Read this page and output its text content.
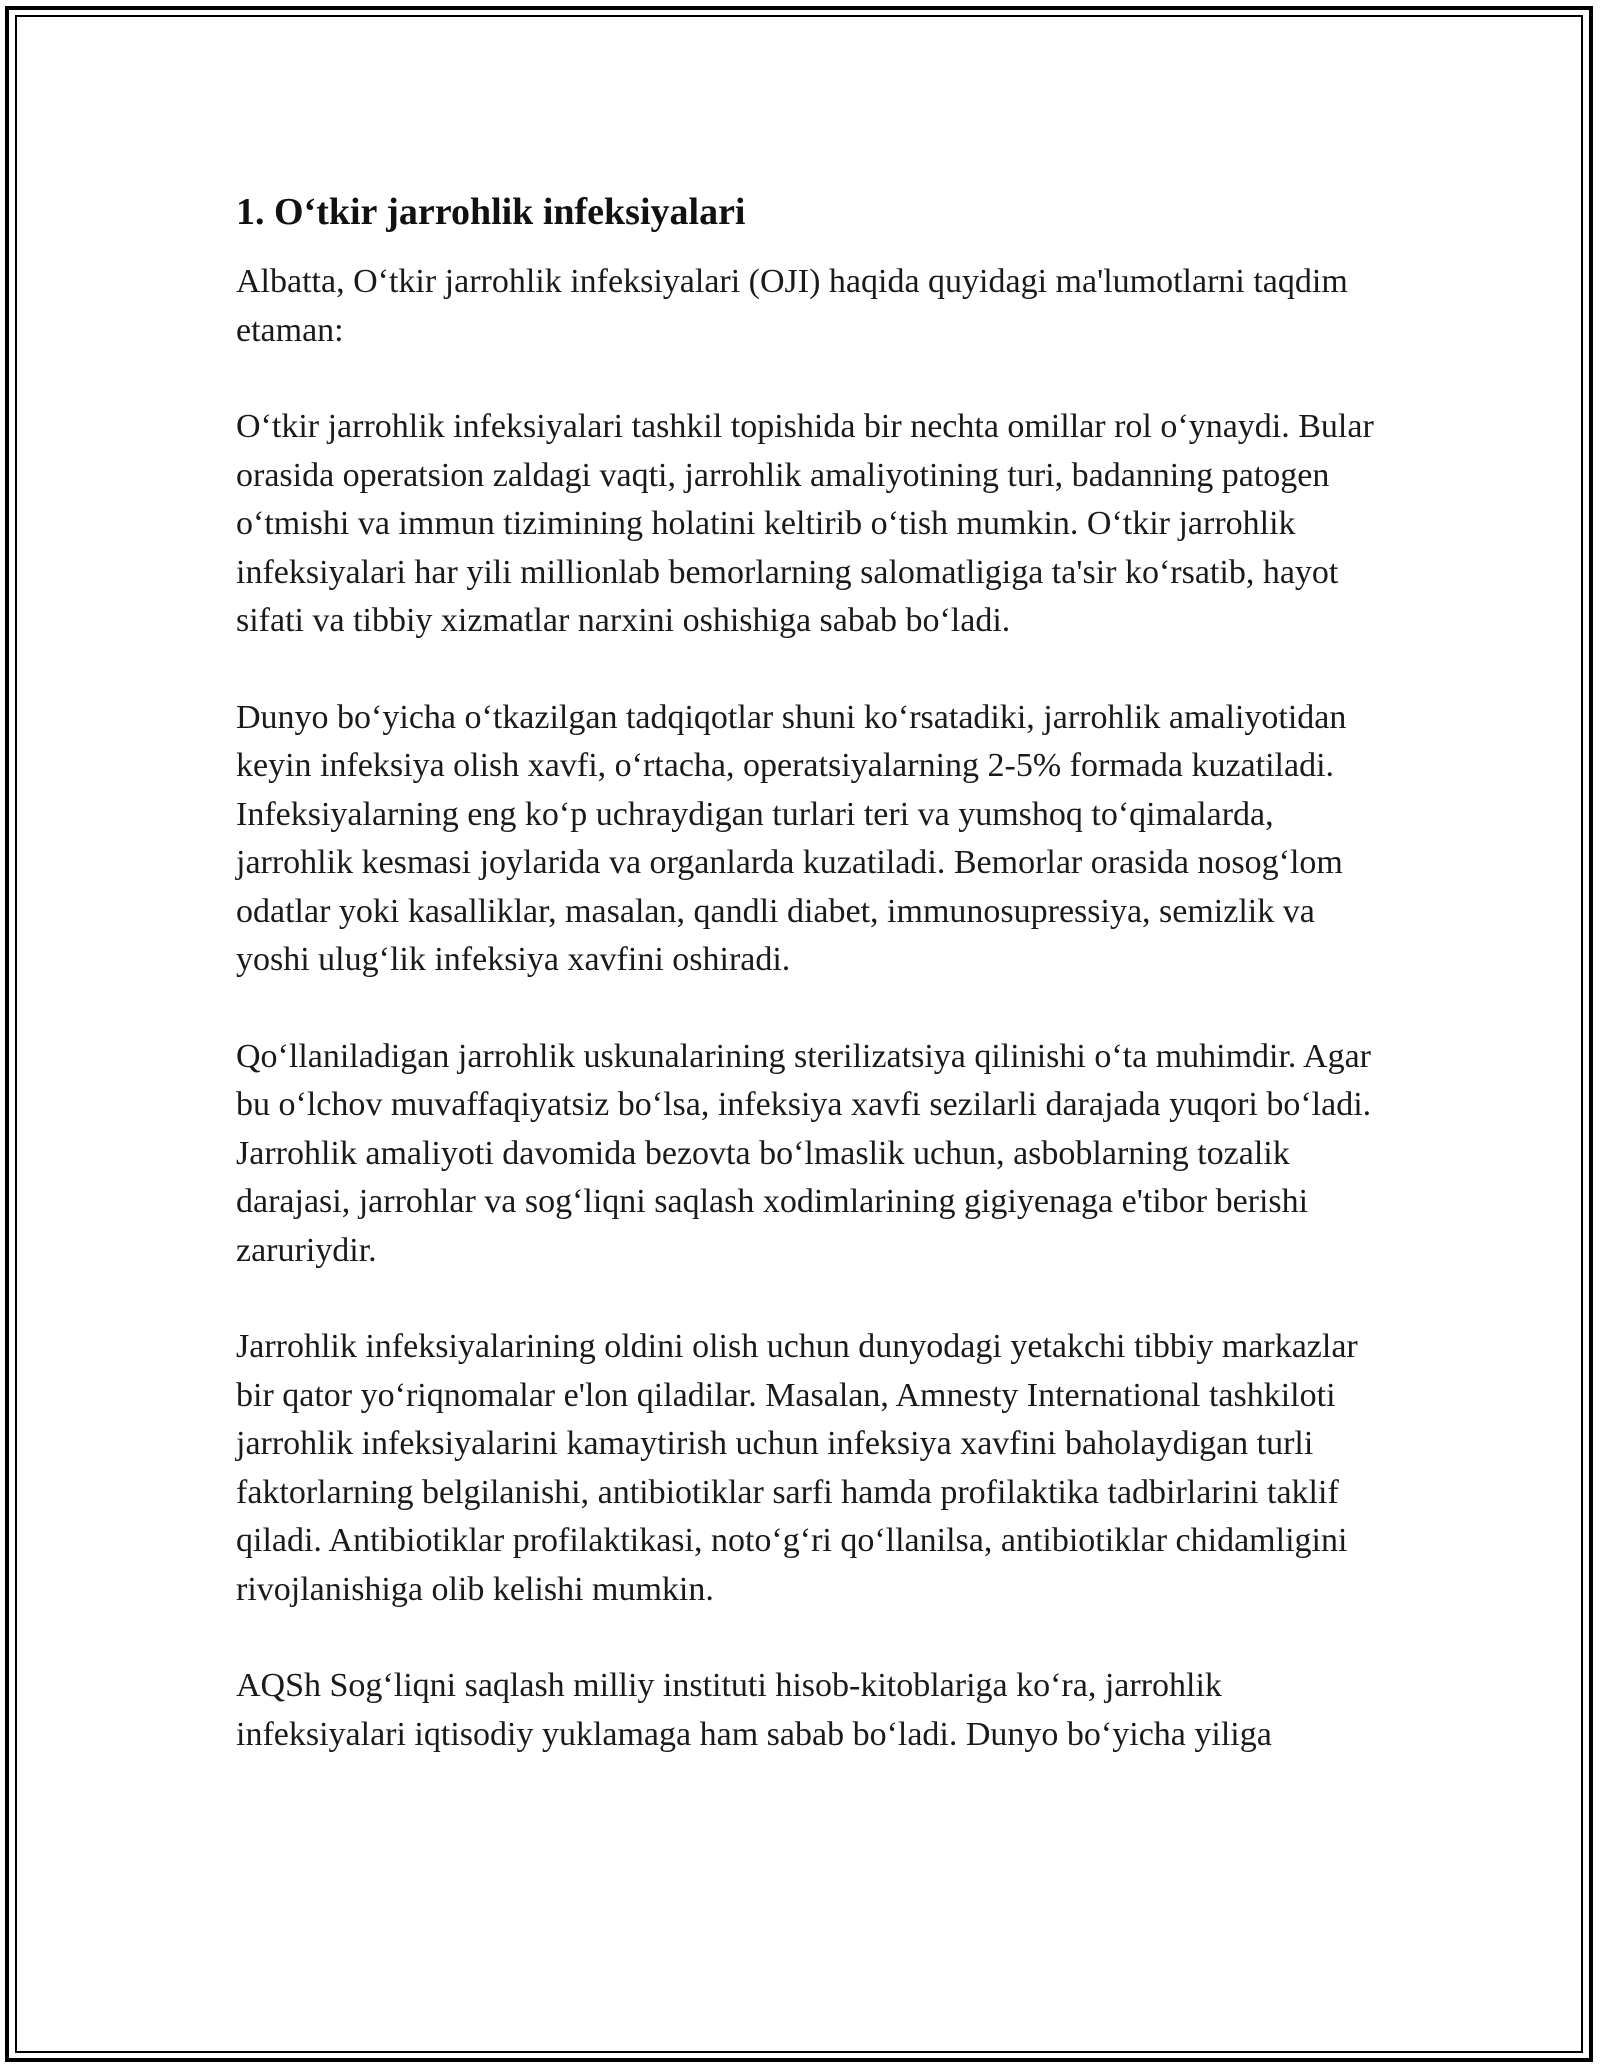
1. O‘tkir jarrohlik infeksiyalari

Albatta, O‘tkir jarrohlik infeksiyalari (OJI) haqida quyidagi ma'lumotlarni taqdim etaman:

O‘tkir jarrohlik infeksiyalari tashkil topishida bir nechta omillar rol o‘ynaydi. Bular orasida operatsion zaldagi vaqti, jarrohlik amaliyotining turi, badanning patogen o‘tmishi va immun tizimining holatini keltirib o‘tish mumkin. O‘tkir jarrohlik infeksiyalari har yili millionlab bemorlarning salomatligiga ta'sir ko‘rsatib, hayot sifati va tibbiy xizmatlar narxini oshishiga sabab bo‘ladi.

Dunyo bo‘yicha o‘tkazilgan tadqiqotlar shuni ko‘rsatadiki, jarrohlik amaliyotidan keyin infeksiya olish xavfi, o‘rtacha, operatsiyalarning 2-5% formada kuzatiladi. Infeksiyalarning eng ko‘p uchraydigan turlari teri va yumshoq to‘qimalarda, jarrohlik kesmasi joylarida va organlarda kuzatiladi. Bemorlar orasida nosog‘lom odatlar yoki kasalliklar, masalan, qandli diabet, immunosupressiya, semizlik va yoshi ulug‘lik infeksiya xavfini oshiradi.

Qo‘llaniladigan jarrohlik uskunalarining sterilizatsiya qilinishi o‘ta muhimdir. Agar bu o‘lchov muvaffaqiyatsiz bo‘lsa, infeksiya xavfi sezilarli darajada yuqori bo‘ladi. Jarrohlik amaliyoti davomida bezovta bo‘lmaslik uchun, asboblarning tozalik darajasi, jarrohlar va sog‘liqni saqlash xodimlarining gigiyenaga e'tibor berishi zaruriydir.

Jarrohlik infeksiyalarining oldini olish uchun dunyodagi yetakchi tibbiy markazlar bir qator yo‘riqnomalar e'lon qiladilar. Masalan, Amnesty International tashkiloti jarrohlik infeksiyalarini kamaytirish uchun infeksiya xavfini baholaydigan turli faktorlarning belgilanishi, antibiotiklar sarfi hamda profilaktika tadbirlarini taklif qiladi. Antibiotiklar profilaktikasi, noto‘g‘ri qo‘llanilsa, antibiotiklar chidamligini rivojlanishiga olib kelishi mumkin.

AQSh Sog‘liqni saqlash milliy instituti hisob-kitoblariga ko‘ra, jarrohlik infeksiyalari iqtisodiy yuklamaga ham sabab bo‘ladi. Dunyo bo‘yicha yiliga
